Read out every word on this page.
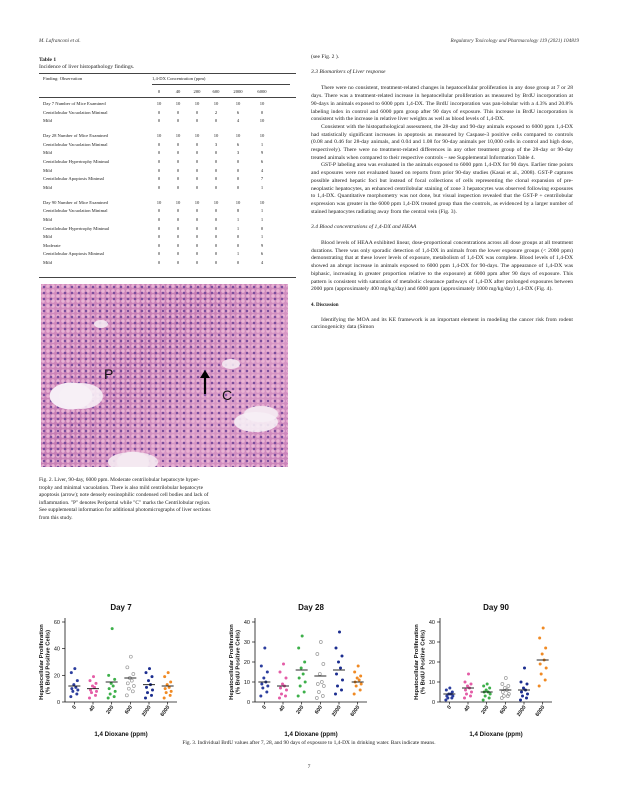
M. Lafranconi et al.	Regulatory Toxicology and Pharmacology 119 (2021) 104819
Table 1
Incidence of liver histopathology findings.
Finding: Observation	1,4-DX Concentration (ppm)
0	40	200	600	2000	6000
Day 7 Number of Mice Examined	10	10	10	10	10	10
Centrilobular Vacuolation Minimal	0	0	0	2	6	0
Mild	0	0	0	0	4	10
Day 28 Number of Mice Examined	10	10	10	10	10	10
Centrilobular Vacuolation Minimal	0	0	0	3	6	1
Mild	0	0	0	0	3	9
Centrilobular Hypertrophy Minimal	0	0	0	0	0	6
Mild	0	0	0	0	0	4
Centrilobular Apoptosis Minimal	0	0	0	0	0	7
Mild	0	0	0	0	0	1
Day 90 Number of Mice Examined	10	10	10	10	10	10
Centrilobular Vacuolation Minimal	0	0	0	0	8	1
Mild	0	0	0	0	1	1
Centrilobular Hypertrophy Minimal	0	0	0	0	1	0
Mild	0	0	0	0	0	1
Moderate	0	0	0	0	0	9
Centrilobular Apoptosis Minimal	0	0	0	0	1	6
Mild	0	0	0	0	0	4
P
C
Fig. 2. Liver, 90-day, 6000 ppm. Moderate centrilobular hepatocyte hyper-
trophy and minimal vacuolation. There is also mild centrilobular hepatocyte
apoptosis (arrow); note densely eosinophilic condensed cell bodies and lack of
inflammation. "P" denotes Periportal while "C" marks the Centrilobular region.
See supplemental information for additional photomicrographs of liver sections
from this study.

(see Fig. 2 ).

3.3 Biomarkers of Liver response

There were no consistent, treatment-related changes in hepatocellular proliferation in any dose group at 7 or 28 days. There was a treatment-related increase in hepatocellular proliferation as measured by BrdU incorporation at 90-days in animals exposed to 6000 ppm 1,4-DX. The BrdU incorporation was pan-lobular with a 4.3% and 20.8% labeling index in control and 6000 ppm group after 90 days of exposure. This increase in BrdU incorporation is consistent with the increase in relative liver weights as well as blood levels of 1,4-DX.

Consistent with the histopathological assessment, the 28-day and 90-day animals exposed to 6000 ppm 1,4-DX had statistically significant increases in apoptosis as measured by Caspase-3 positive cells compared to controls (0.08 and 0.46 for 28-day animals, and 0.04 and 1.08 for 90-day animals per 10,000 cells in control and high dose, respectively). There were no treatment-related differences in any other treatment group of the 28-day or 90-day treated animals when compared to their respective controls – see Supplemental Information Table 4.

GST-P labeling area was evaluated in the animals exposed to 6000 ppm 1,4-DX for 90 days. Earlier time points and exposures were not evaluated based on reports from prior 90-day studies (Kasai et al., 2008). GST-P captures possible altered hepatic foci but instead of focal collections of cells representing the clonal expansion of pre-neoplastic hepatocytes, an enhanced centrilobular staining of zone 3 hepatocytes was observed following exposures to 1,4-DX. Quantitative morphometry was not done, but visual inspection revealed that the GST-P + centrilobular expression was greater in the 6000 ppm 1,4-DX treated group than the controls, as evidenced by a larger number of stained hepatocytes radiating away from the central vein (Fig. 3).

3.4 Blood concentrations of 1,4-DX and HEAA

Blood levels of HEAA exhibited linear, dose-proportional concentrations across all dose groups at all treatment durations. There was only sporadic detection of 1,4-DX in animals from the lower exposure groups (< 2000 ppm) demonstrating that at these lower levels of exposure, metabolism of 1,4-DX was complete. Blood levels of 1,4-DX showed an abrupt increase in animals exposed to 6000 ppm 1,4-DX for 90-days. The appearance of 1,4-DX was biphasic, increasing in greater proportion relative to the exposure) at 6000 ppm after 90 days of exposure. This pattern is consistent with saturation of metabolic clearance pathways of 1,4-DX after prolonged exposures between 2000 ppm (approximately 400 mg/kg/day) and 6000 ppm (approximately 1000 mg/kg/day) 1,4-DX (Fig. 4).

4. Discussion

Identifying the MOA and its KE framework is an important element in modeling the cancer risk from rodent carcinogenicity data (Simon

Day 7
0
20
40
60
0 40 200 600 2000 6000
1,4 Dioxane (ppm)
Hepatocellular Proliferation (% BrdU Positive Cells)
Day 28
0
10
20
30
40
0 40 200 600 2000 6000
1,4 Dioxane (ppm)
Hepatocellular Proliferation (% BrdU Positive Cells)
Day 90
0
10
20
30
40
0 40 200 600 2000 6000
1,4 Dioxane (ppm)
Hepatocellular Proliferation (% BrdU Positive Cells)
Fig. 3. Individual BrdU values after 7, 28, and 90 days of exposure to 1,4-DX in drinking water. Bars indicate means.
7
